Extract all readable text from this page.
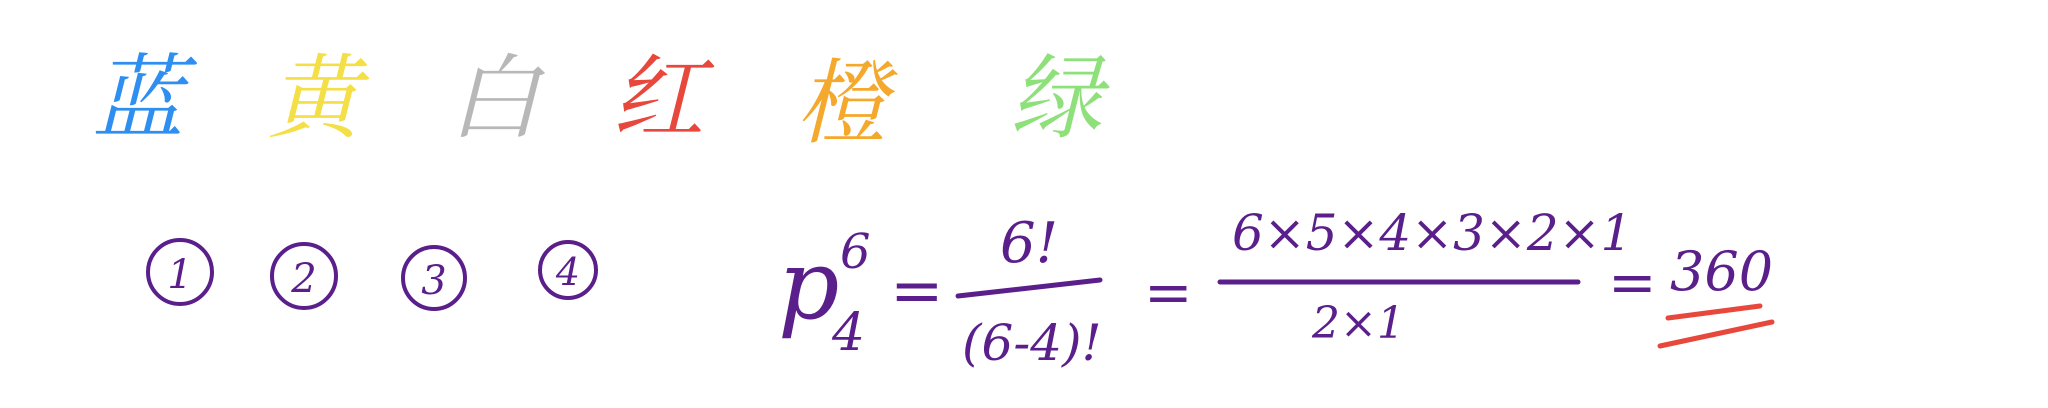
蓝 黄 白 红 橙 绿
1 2	3	4 p 6
4
=
6!
(6-4)!
=
6×5×4×3×2×1
2×1
= 360
